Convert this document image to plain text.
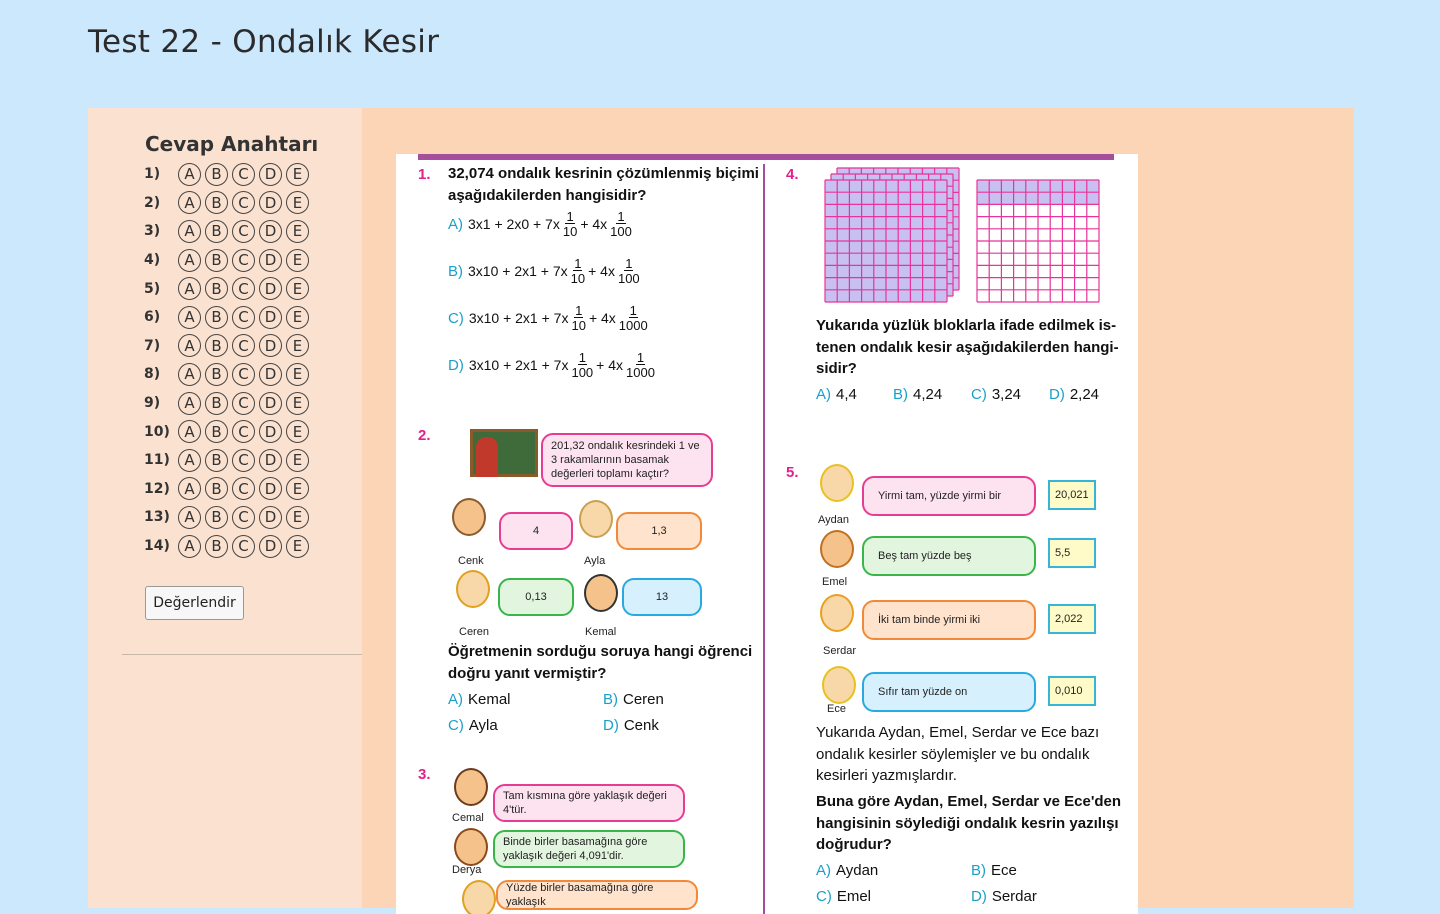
Test 22 - Ondalık Kesir
Cevap Anahtarı
1)	A	B	C	D	E
2)	A	B	C	D	E
3)	A	B	C	D	E
4)	A	B	C	D	E
5)	A	B	C	D	E
6)	A	B	C	D	E
7)	A	B	C	D	E
8)	A	B	C	D	E
9)	A	B	C	D	E
10) A	B	C	D	E
11) A	B	C	D	E
12) A	B	C	D	E
13) A	B	C	D	E
14) A	B	C	D	E
Değerlendir
1. 32,074 ondalık kesrinin çözümlenmiş biçimi
aşağıdakilerden hangisidir?
A) $3x1 + 2x0 + 7x \frac{1}{10} + 4x \frac{1}{100}$
B) $3x10 + 2x1 + 7x \frac{1}{10} + 4x \frac{1}{100}$
C) $3x10 + 2x1 + 7x \frac{1}{10} + 4x \frac{1}{1000}$
D) $3x10 + 2x1 + 7x \frac{1}{100} + 4x \frac{1}{1000}$
2.
201,32 ondalık kesrindeki 1 ve 3 rakamlarının basamak değerleri toplamı kaçtır?
Cenk
4
Ayla
1,3
Ceren
0,13
Kemal
13
Öğretmenin sorduğu soruya hangi öğrenci
doğru yanıt vermiştir?
A) Kemal	B) Ceren
C) Ayla	D) Cenk
3.
Cemal
Tam kısmına göre yaklaşık değeri 4'tür.
Derya
Binde birler basamağına göre yaklaşık değeri 4,091'dir.
Yüzde birler basamağına göre yaklaşık
4.
Yukarıda yüzlük bloklarla ifade edilmek is-
tenen ondalık kesir aşağıdakilerden hangi-
sidir?
A) 4,4 B) 4,24 C) 3,24 D) 2,24
5.
Aydan
Yirmi tam, yüzde yirmi bir	20,021
Emel
Beş tam yüzde beş	5,5
Serdar
İki tam binde yirmi iki	2,022
Ece
Sıfır tam yüzde on	0,010
Yukarıda Aydan, Emel, Serdar ve Ece bazı
ondalık kesirler söylemişler ve bu ondalık
kesirleri yazmışlardır.
Buna göre Aydan, Emel, Serdar ve Ece'den
hangisinin söylediği ondalık kesrin yazılışı
doğrudur?
A) Aydan	B) Ece
C) Emel	D) Serdar
